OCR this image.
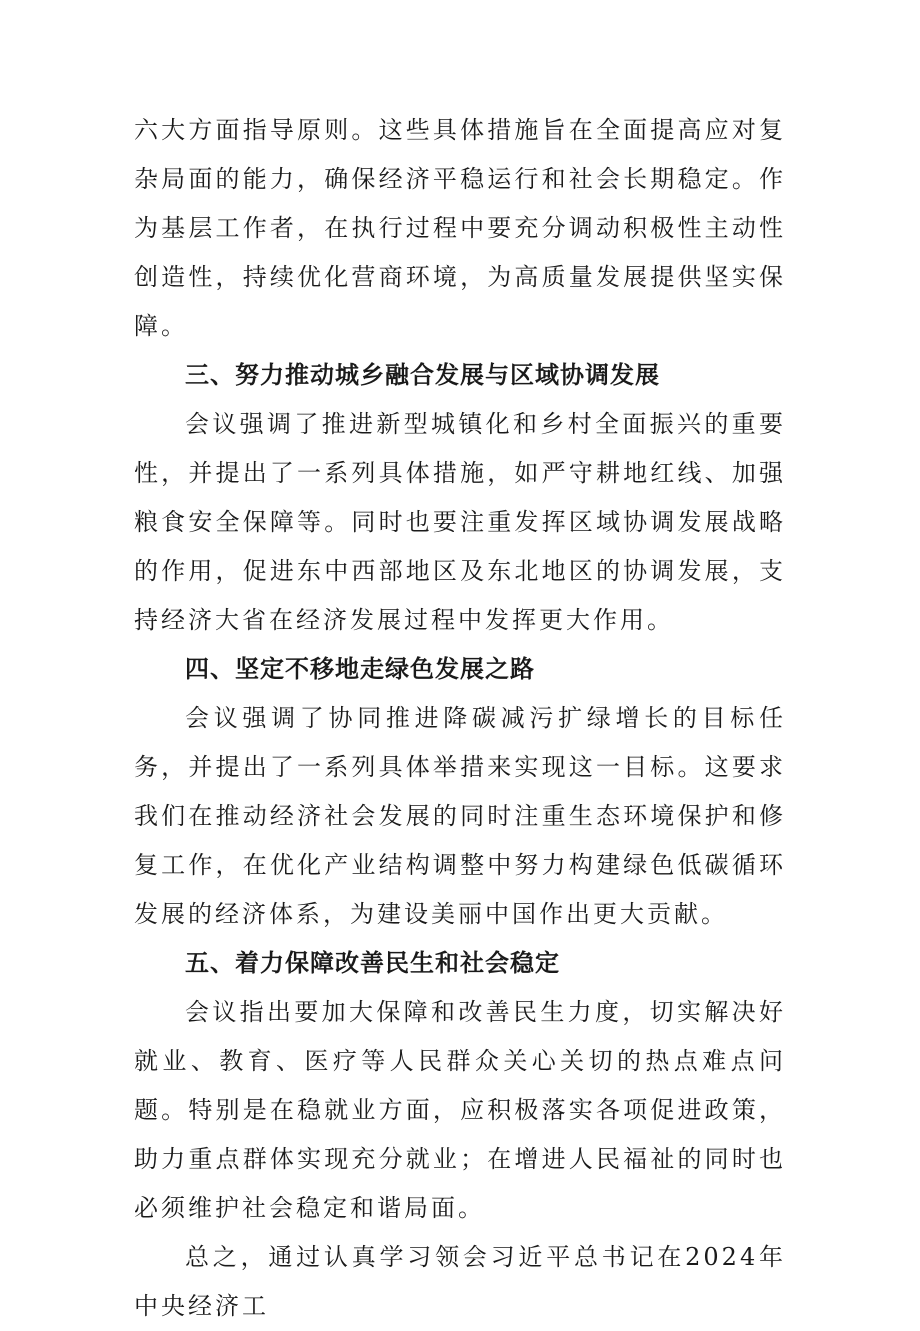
六大方面指导原则。这些具体措施旨在全面提高应对复杂局面的能力，确保经济平稳运行和社会长期稳定。作为基层工作者，在执行过程中要充分调动积极性主动性创造性，持续优化营商环境，为高质量发展提供坚实保障。

三、努力推动城乡融合发展与区域协调发展

会议强调了推进新型城镇化和乡村全面振兴的重要性，并提出了一系列具体措施，如严守耕地红线、加强粮食安全保障等。同时也要注重发挥区域协调发展战略的作用，促进东中西部地区及东北地区的协调发展，支持经济大省在经济发展过程中发挥更大作用。

四、坚定不移地走绿色发展之路

会议强调了协同推进降碳减污扩绿增长的目标任务，并提出了一系列具体举措来实现这一目标。这要求我们在推动经济社会发展的同时注重生态环境保护和修复工作，在优化产业结构调整中努力构建绿色低碳循环发展的经济体系，为建设美丽中国作出更大贡献。

五、着力保障改善民生和社会稳定

会议指出要加大保障和改善民生力度，切实解决好就业、教育、医疗等人民群众关心关切的热点难点问题。特别是在稳就业方面，应积极落实各项促进政策，助力重点群体实现充分就业；在增进人民福祉的同时也必须维护社会稳定和谐局面。

总之，通过认真学习领会习近平总书记在2024年中央经济工
